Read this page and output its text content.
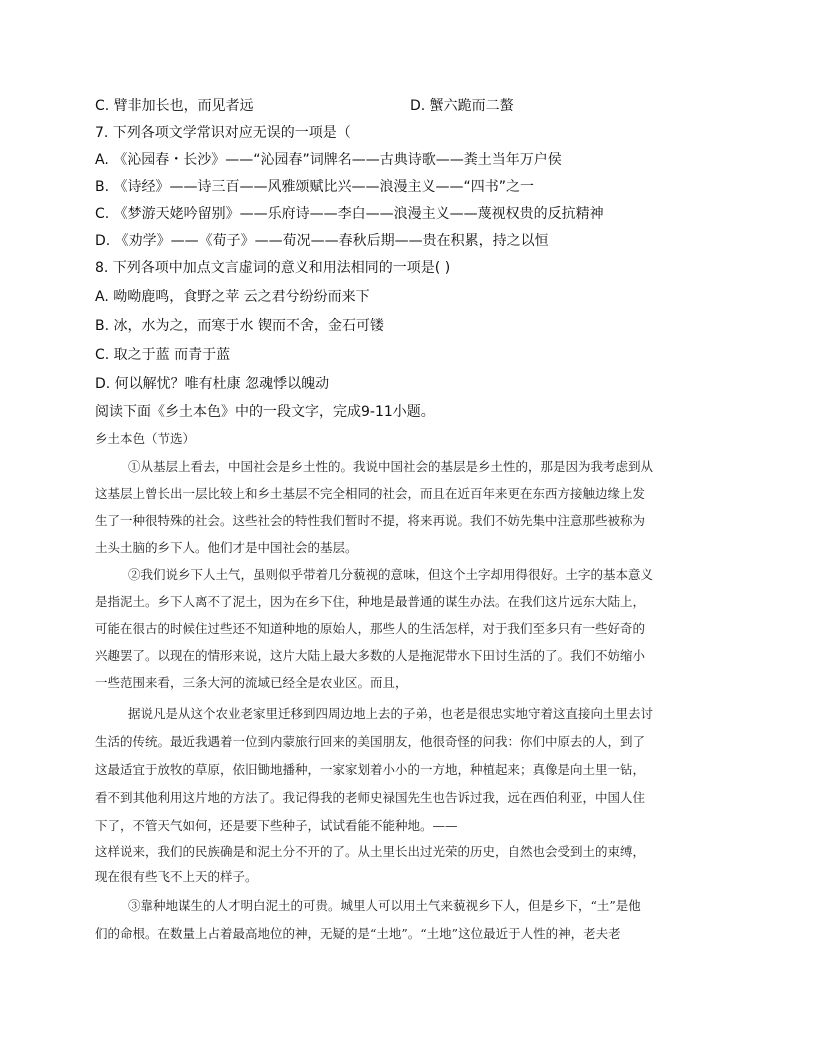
C. 臂非加长也，而见者远	D. 蟹六跪而二螯
7. 下列各项文学常识对应无误的一项是（
A. 《沁园春・长沙》——“沁园春”词牌名——古典诗歌——粪土当年万户侯
B. 《诗经》——诗三百——风雅颂赋比兴——浪漫主义——“四书”之一
C. 《梦游天姥吟留别》——乐府诗——李白——浪漫主义——蔑视权贵的反抗精神
D. 《劝学》——《荀子》——荀况——春秋后期——贵在积累，持之以恒
8. 下列各项中加点文言虚词的意义和用法相同的一项是( )
A. 呦呦鹿鸣，食野之苹 云之君兮纷纷而来下
B. 冰，水为之，而寒于水 锲而不舍，金石可镂
C. 取之于蓝 而青于蓝
D. 何以解忧？唯有杜康 忽魂悸以魄动
阅读下面《乡土本色》中的一段文字，完成9-11小题。
乡土本色（节选）
①从基层上看去，中国社会是乡土性的。我说中国社会的基层是乡土性的，那是因为我考虑到从
这基层上曾长出一层比较上和乡土基层不完全相同的社会，而且在近百年来更在东西方接触边缘上发
生了一种很特殊的社会。这些社会的特性我们暂时不提，将来再说。我们不妨先集中注意那些被称为
土头土脑的乡下人。他们才是中国社会的基层。
②我们说乡下人土气，虽则似乎带着几分藐视的意味，但这个土字却用得很好。土字的基本意义
是指泥土。乡下人离不了泥土，因为在乡下住，种地是最普通的谋生办法。在我们这片远东大陆上，
可能在很古的时候住过些还不知道种地的原始人，那些人的生活怎样，对于我们至多只有一些好奇的
兴趣罢了。以现在的情形来说，这片大陆上最大多数的人是拖泥带水下田讨生活的了。我们不妨缩小
一些范围来看，三条大河的流域已经全是农业区。而且，
据说凡是从这个农业老家里迁移到四周边地上去的子弟，也老是很忠实地守着这直接向土里去讨
生活的传统。最近我遇着一位到内蒙旅行回来的美国朋友，他很奇怪的问我：你们中原去的人，到了
这最适宜于放牧的草原，依旧锄地播种，一家家划着小小的一方地，种植起来；真像是向土里一钻，
看不到其他利用这片地的方法了。我记得我的老师史禄国先生也告诉过我，远在西伯利亚，中国人住
下了，不管天气如何，还是要下些种子，试试看能不能种地。——
这样说来，我们的民族确是和泥土分不开的了。从土里长出过光荣的历史，自然也会受到土的束缚，
现在很有些飞不上天的样子。
③靠种地谋生的人才明白泥土的可贵。城里人可以用土气来藐视乡下人，但是乡下，“土”是他
们的命根。在数量上占着最高地位的神，无疑的是“土地”。“土地”这位最近于人性的神，老夫老
